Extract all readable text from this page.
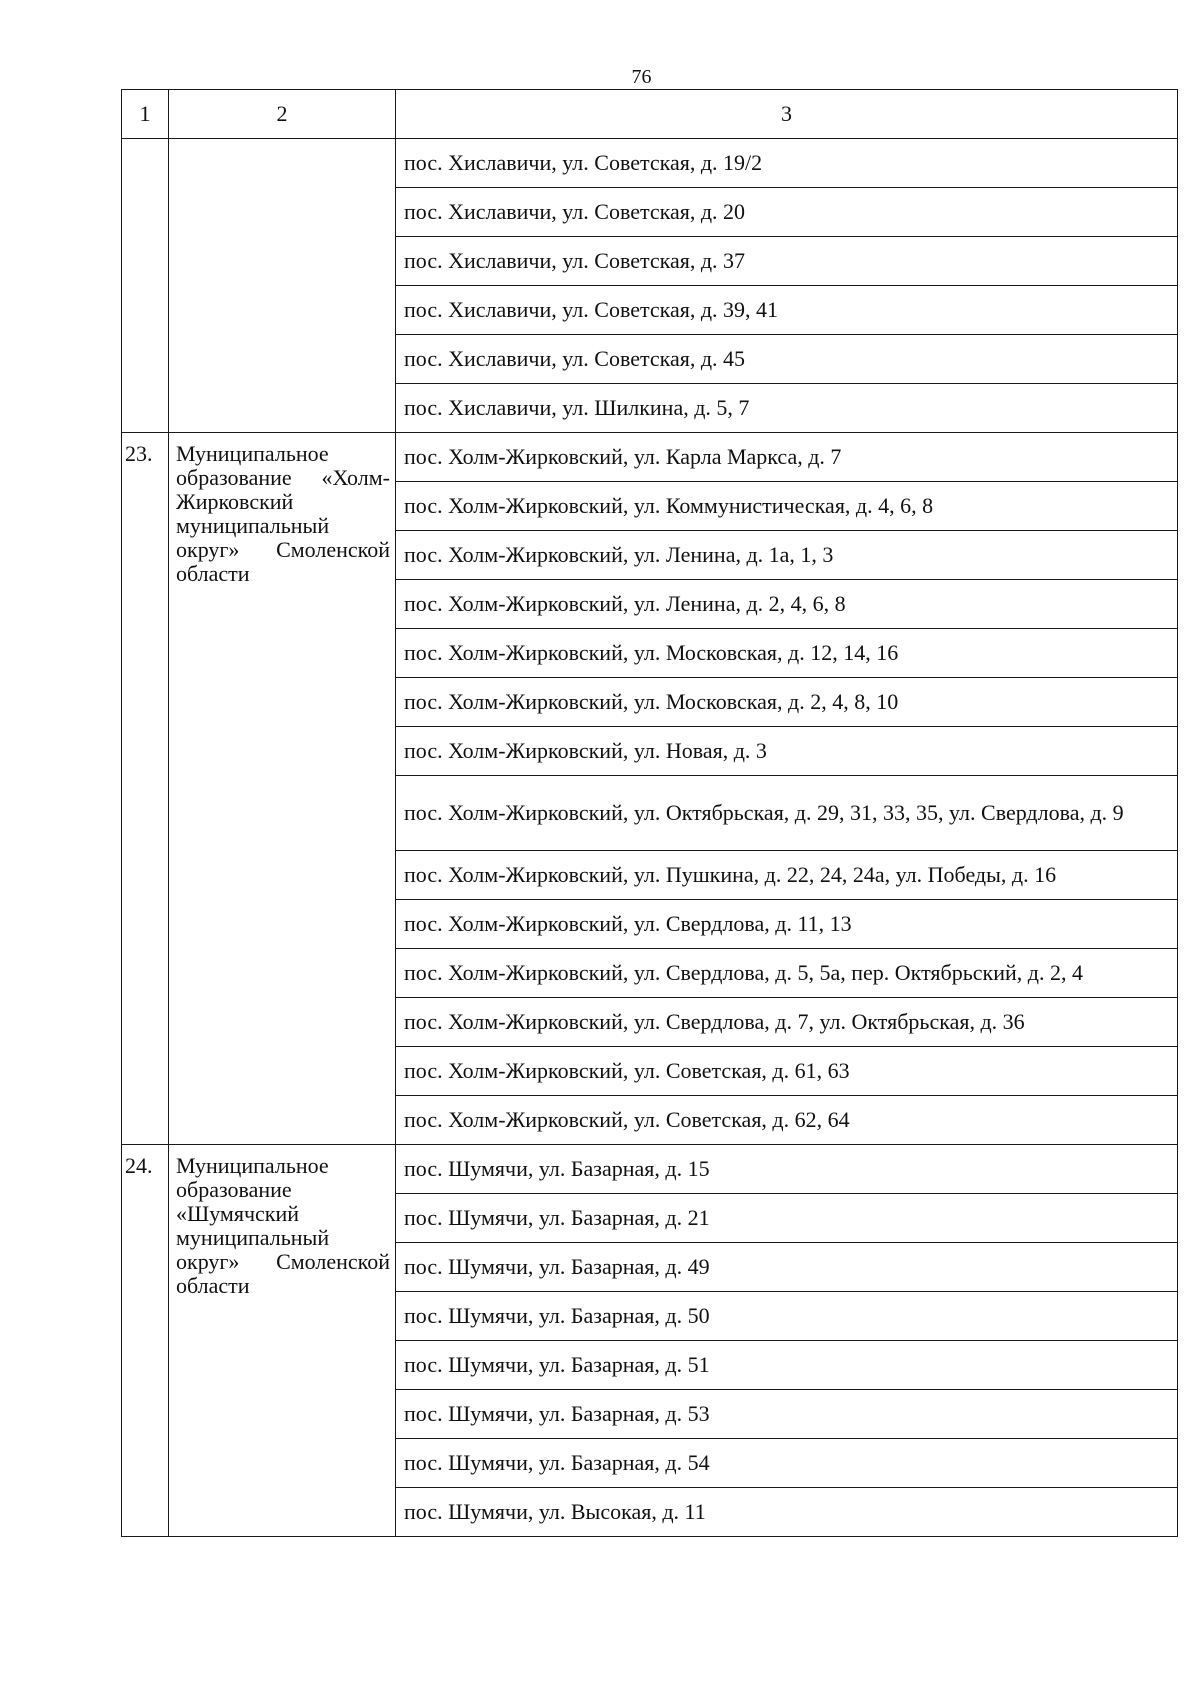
76
1	2	3
		пос. Хиславичи, ул. Советская, д. 19/2
		пос. Хиславичи, ул. Советская, д. 20
		пос. Хиславичи, ул. Советская, д. 37
		пос. Хиславичи, ул. Советская, д. 39, 41
		пос. Хиславичи, ул. Советская, д. 45
		пос. Хиславичи, ул. Шилкина, д. 5, 7
23.	Муниципальное образование «Холм-Жирковский муниципальный округ» Смоленской области	пос. Холм-Жирковский, ул. Карла Маркса, д. 7
		пос. Холм-Жирковский, ул. Коммунистическая, д. 4, 6, 8
		пос. Холм-Жирковский, ул. Ленина, д. 1а, 1, 3
		пос. Холм-Жирковский, ул. Ленина, д. 2, 4, 6, 8
		пос. Холм-Жирковский, ул. Московская, д. 12, 14, 16
		пос. Холм-Жирковский, ул. Московская, д. 2, 4, 8, 10
		пос. Холм-Жирковский, ул. Новая, д. 3
		пос. Холм-Жирковский, ул. Октябрьская, д. 29, 31, 33, 35, ул. Свердлова, д. 9
		пос. Холм-Жирковский, ул. Пушкина, д. 22, 24, 24а, ул. Победы, д. 16
		пос. Холм-Жирковский, ул. Свердлова, д. 11, 13
		пос. Холм-Жирковский, ул. Свердлова, д. 5, 5а, пер. Октябрьский, д. 2, 4
		пос. Холм-Жирковский, ул. Свердлова, д. 7, ул. Октябрьская, д. 36
		пос. Холм-Жирковский, ул. Советская, д. 61, 63
		пос. Холм-Жирковский, ул. Советская, д. 62, 64
24.	Муниципальное образование «Шумячский муниципальный округ» Смоленской области	пос. Шумячи, ул. Базарная, д. 15
		пос. Шумячи, ул. Базарная, д. 21
		пос. Шумячи, ул. Базарная, д. 49
		пос. Шумячи, ул. Базарная, д. 50
		пос. Шумячи, ул. Базарная, д. 51
		пос. Шумячи, ул. Базарная, д. 53
		пос. Шумячи, ул. Базарная, д. 54
		пос. Шумячи, ул. Высокая, д. 11
